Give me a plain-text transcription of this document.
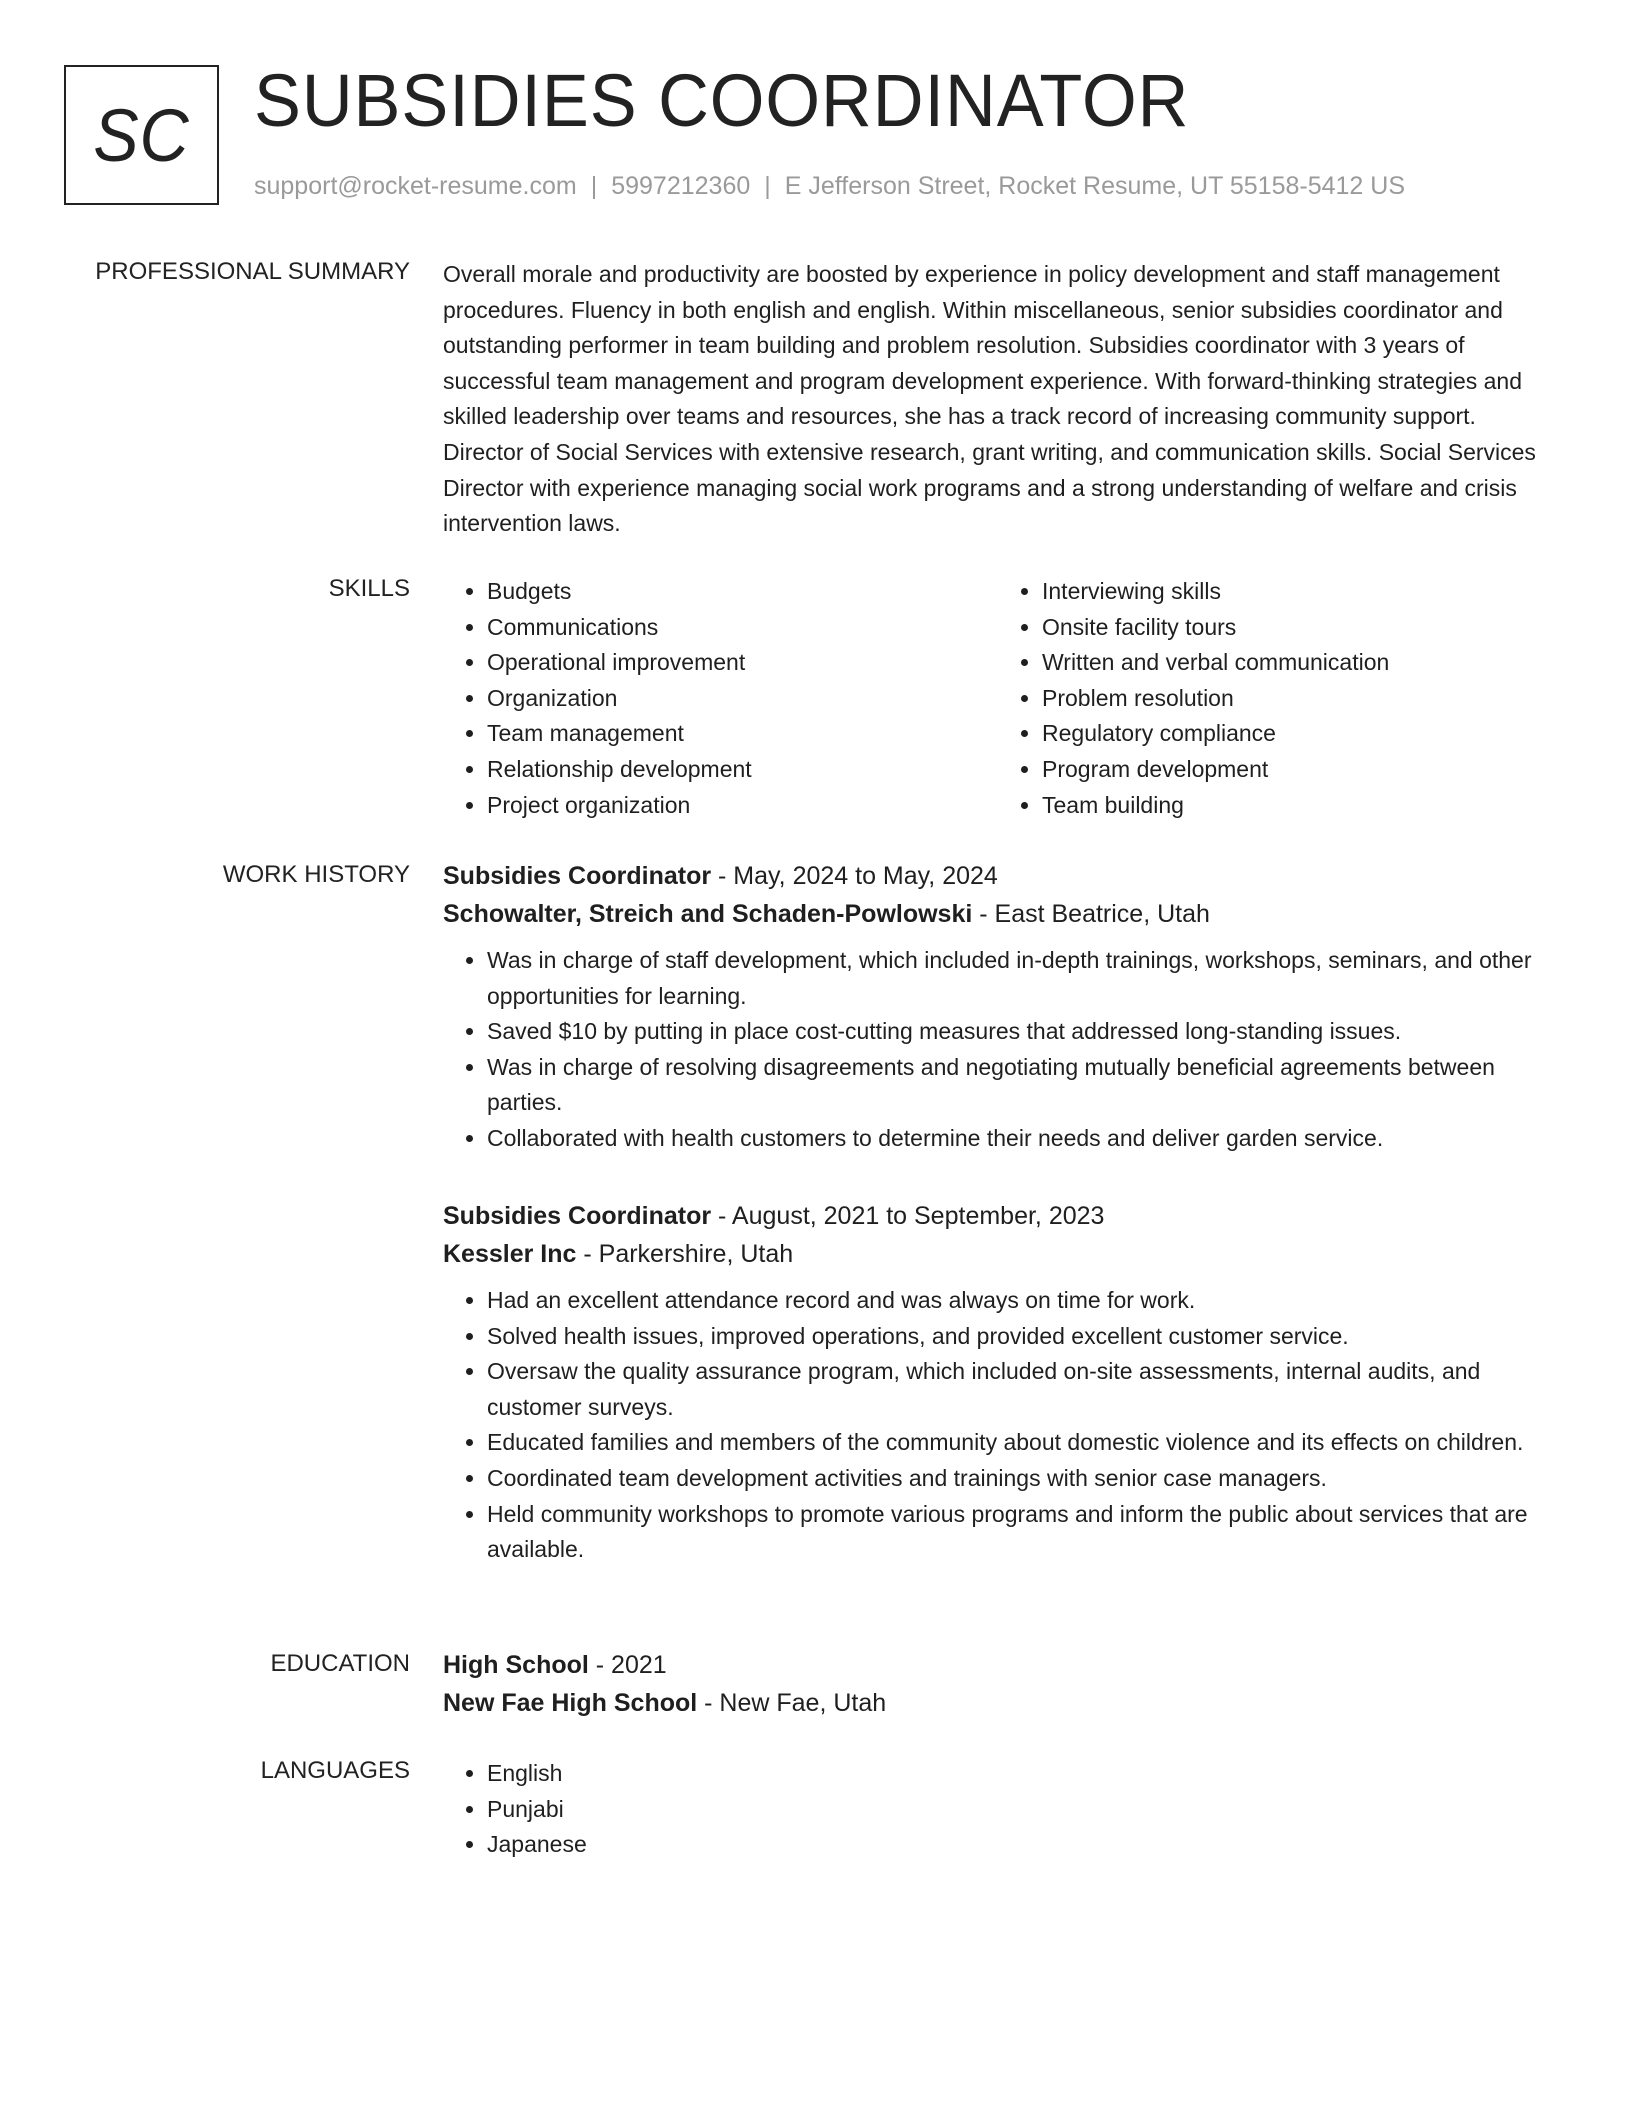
SC SUBSIDIES COORDINATOR
support@rocket-resume.com | 5997212360 | E Jefferson Street, Rocket Resume, UT 55158-5412 US
PROFESSIONAL SUMMARY Overall morale and productivity are boosted by experience in policy development and staff management procedures. Fluency in both english and english. Within miscellaneous, senior subsidies coordinator and outstanding performer in team building and problem resolution. Subsidies coordinator with 3 years of successful team management and program development experience. With forward-thinking strategies and skilled leadership over teams and resources, she has a track record of increasing community support. Director of Social Services with extensive research, grant writing, and communication skills. Social Services Director with experience managing social work programs and a strong understanding of welfare and crisis intervention laws.

SKILLS	• Budgets
• Communications
• Operational improvement
• Organization
• Team management
• Relationship development
• Project organization
• Interviewing skills
• Onsite facility tours
• Written and verbal communication
• Problem resolution
• Regulatory compliance
• Program development
• Team building
WORK HISTORY Subsidies Coordinator - May, 2024 to May, 2024
Schowalter, Streich and Schaden-Powlowski - East Beatrice, Utah
• Was in charge of staff development, which included in-depth trainings, workshops, seminars, and other opportunities for learning.
• Saved $10 by putting in place cost-cutting measures that addressed long-standing issues.
• Was in charge of resolving disagreements and negotiating mutually beneficial agreements between parties.
• Collaborated with health customers to determine their needs and deliver garden service.
Subsidies Coordinator - August, 2021 to September, 2023
Kessler Inc - Parkershire, Utah
• Had an excellent attendance record and was always on time for work.
• Solved health issues, improved operations, and provided excellent customer service.
• Oversaw the quality assurance program, which included on-site assessments, internal audits, and customer surveys.
• Educated families and members of the community about domestic violence and its effects on children.
• Coordinated team development activities and trainings with senior case managers.
• Held community workshops to promote various programs and inform the public about services that are available.
EDUCATION High School - 2021
New Fae High School - New Fae, Utah
LANGUAGES	• English
• Punjabi
• Japanese
